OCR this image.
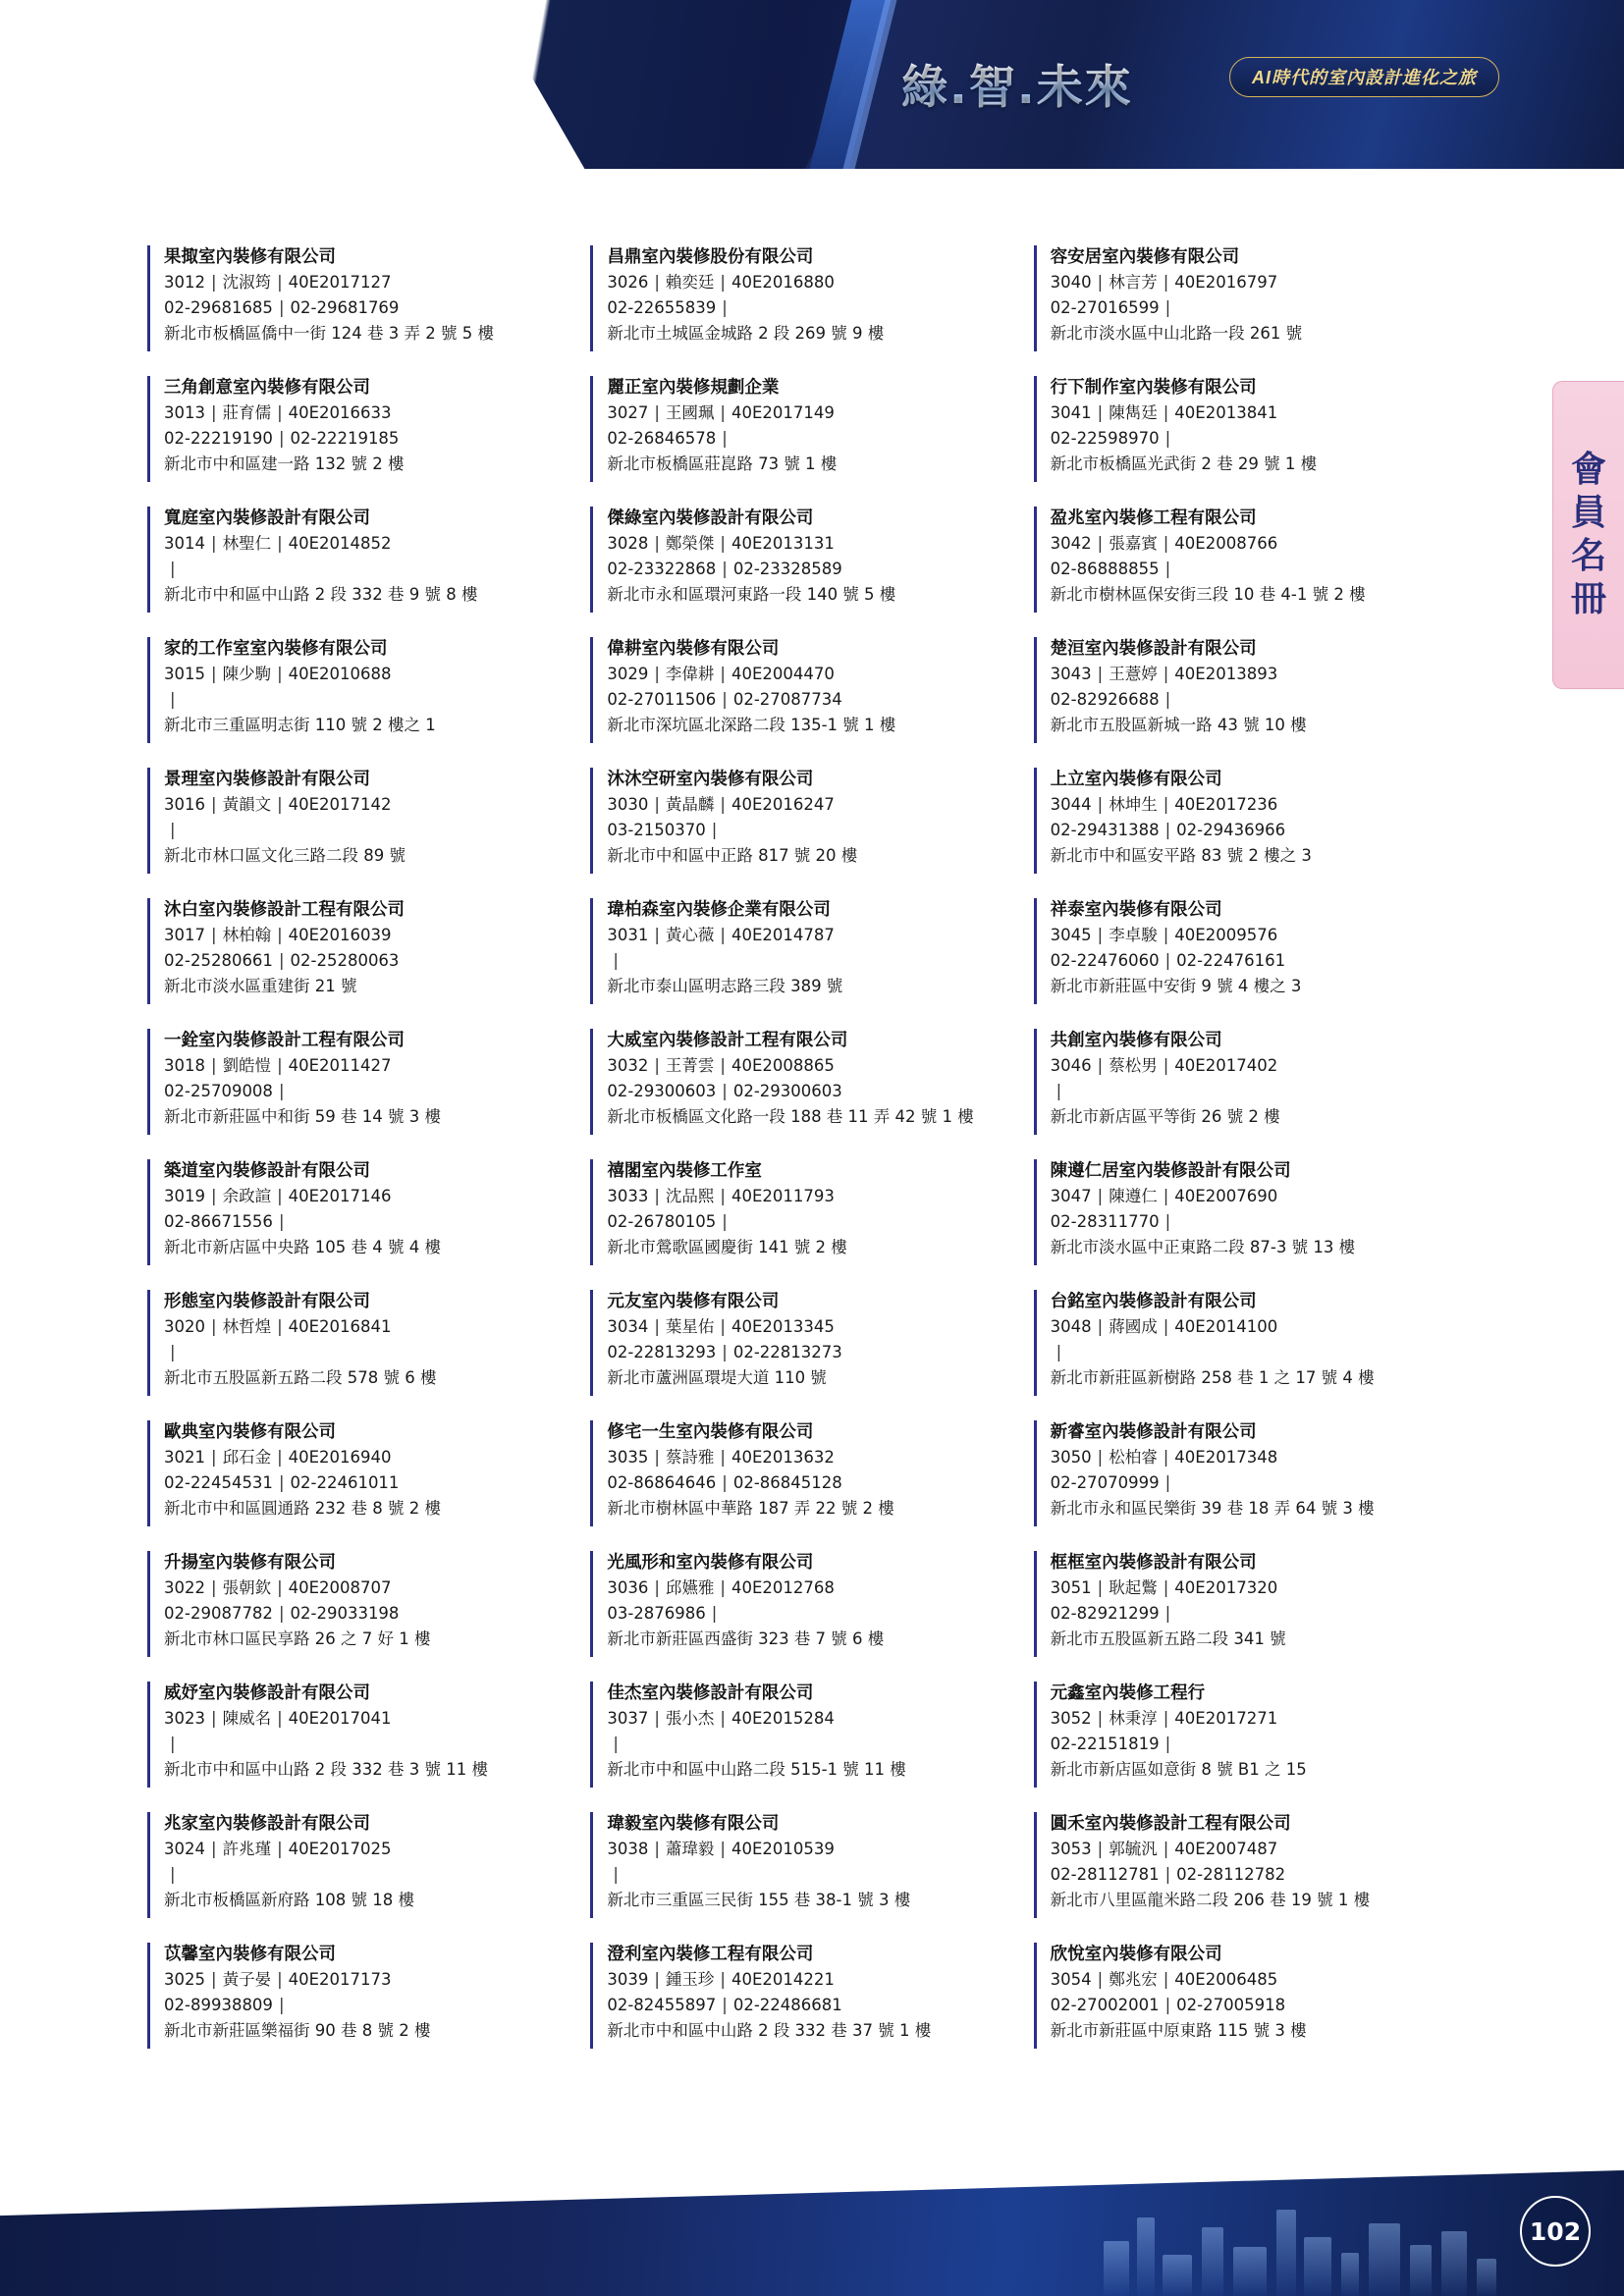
綠.智.未來	AI時代的室內設計進化之旅
會
員
名
冊
果掫室內裝修有限公司
3012 | 沈淑筠 | 40E2017127
02-29681685 | 02-29681769
新北市板橋區僑中一街 124 巷 3 弄 2 號 5 樓
三角創意室內裝修有限公司
3013 | 莊育儒 | 40E2016633
02-22219190 | 02-22219185
新北市中和區建一路 132 號 2 樓
寬庭室內裝修設計有限公司
3014 | 林聖仁 | 40E2014852
|
新北市中和區中山路 2 段 332 巷 9 號 8 樓
家的工作室室內裝修有限公司
3015 | 陳少駒 | 40E2010688
|
新北市三重區明志街 110 號 2 樓之 1
景理室內裝修設計有限公司
3016 | 黃韻文 | 40E2017142
|
新北市林口區文化三路二段 89 號
沐白室內裝修設計工程有限公司
3017 | 林柏翰 | 40E2016039
02-25280661 | 02-25280063
新北市淡水區重建街 21 號
一銓室內裝修設計工程有限公司
3018 | 劉皓愷 | 40E2011427
02-25709008 |
新北市新莊區中和街 59 巷 14 號 3 樓
築道室內裝修設計有限公司
3019 | 余政諠 | 40E2017146
02-86671556 |
新北市新店區中央路 105 巷 4 號 4 樓
形態室內裝修設計有限公司
3020 | 林哲煌 | 40E2016841
|
新北市五股區新五路二段 578 號 6 樓
歐典室內裝修有限公司
3021 | 邱石金 | 40E2016940
02-22454531 | 02-22461011
新北市中和區圓通路 232 巷 8 號 2 樓
升揚室內裝修有限公司
3022 | 張朝欽 | 40E2008707
02-29087782 | 02-29033198
新北市林口區民享路 26 之 7 好 1 樓
威妤室內裝修設計有限公司
3023 | 陳威名 | 40E2017041
|
新北市中和區中山路 2 段 332 巷 3 號 11 樓
兆家室內裝修設計有限公司
3024 | 許兆瑾 | 40E2017025
|
新北市板橋區新府路 108 號 18 樓
苡馨室內裝修有限公司
3025 | 黃子晏 | 40E2017173
02-89938809 |
新北市新莊區樂福街 90 巷 8 號 2 樓
昌鼎室內裝修股份有限公司
3026 | 賴奕廷 | 40E2016880
02-22655839 |
新北市土城區金城路 2 段 269 號 9 樓
麗正室內裝修規劃企業
3027 | 王國珮 | 40E2017149
02-26846578 |
新北市板橋區莊崑路 73 號 1 樓
傑綠室內裝修設計有限公司
3028 | 鄭榮傑 | 40E2013131
02-23322868 | 02-23328589
新北市永和區環河東路一段 140 號 5 樓
偉耕室內裝修有限公司
3029 | 李偉耕 | 40E2004470
02-27011506 | 02-27087734
新北市深坑區北深路二段 135-1 號 1 樓
沐沐空研室內裝修有限公司
3030 | 黃晶麟 | 40E2016247
03-2150370 |
新北市中和區中正路 817 號 20 樓
瑋柏森室內裝修企業有限公司
3031 | 黃心薇 | 40E2014787
|
新北市泰山區明志路三段 389 號
大威室內裝修設計工程有限公司
3032 | 王菁雲 | 40E2008865
02-29300603 | 02-29300603
新北市板橋區文化路一段 188 巷 11 弄 42 號 1 樓
禧閣室內裝修工作室
3033 | 沈品熙 | 40E2011793
02-26780105 |
新北市鶯歌區國慶街 141 號 2 樓
元友室內裝修有限公司
3034 | 葉星佑 | 40E2013345
02-22813293 | 02-22813273
新北市蘆洲區環堤大道 110 號
修宅一生室內裝修有限公司
3035 | 蔡詩雅 | 40E2013632
02-86864646 | 02-86845128
新北市樹林區中華路 187 弄 22 號 2 樓
光風形和室內裝修有限公司
3036 | 邱嬿雅 | 40E2012768
03-2876986 |
新北市新莊區西盛街 323 巷 7 號 6 樓
佳杰室內裝修設計有限公司
3037 | 張小杰 | 40E2015284
|
新北市中和區中山路二段 515-1 號 11 樓
瑋毅室內裝修有限公司
3038 | 蕭瑋毅 | 40E2010539
|
新北市三重區三民街 155 巷 38-1 號 3 樓
澄利室內裝修工程有限公司
3039 | 鍾玉珍 | 40E2014221
02-82455897 | 02-22486681
新北市中和區中山路 2 段 332 巷 37 號 1 樓
容安居室內裝修有限公司
3040 | 林言芳 | 40E2016797
02-27016599 |
新北市淡水區中山北路一段 261 號
行下制作室內裝修有限公司
3041 | 陳雋廷 | 40E2013841
02-22598970 |
新北市板橋區光武街 2 巷 29 號 1 樓
盈兆室內裝修工程有限公司
3042 | 張嘉賓 | 40E2008766
02-86888855 |
新北市樹林區保安街三段 10 巷 4-1 號 2 樓
楚洹室內裝修設計有限公司
3043 | 王薏婷 | 40E2013893
02-82926688 |
新北市五股區新城一路 43 號 10 樓
上立室內裝修有限公司
3044 | 林坤生 | 40E2017236
02-29431388 | 02-29436966
新北市中和區安平路 83 號 2 樓之 3
祥泰室內裝修有限公司
3045 | 李卓駿 | 40E2009576
02-22476060 | 02-22476161
新北市新莊區中安街 9 號 4 樓之 3
共創室內裝修有限公司
3046 | 蔡松男 | 40E2017402
|
新北市新店區平等街 26 號 2 樓
陳遵仁居室內裝修設計有限公司
3047 | 陳遵仁 | 40E2007690
02-28311770 |
新北市淡水區中正東路二段 87-3 號 13 樓
台銘室內裝修設計有限公司
3048 | 蔣國成 | 40E2014100
|
新北市新莊區新樹路 258 巷 1 之 17 號 4 樓
新睿室內裝修設計有限公司
3050 | 松柏睿 | 40E2017348
02-27070999 |
新北市永和區民樂街 39 巷 18 弄 64 號 3 樓
框框室內裝修設計有限公司
3051 | 耿起鷩 | 40E2017320
02-82921299 |
新北市五股區新五路二段 341 號
元鑫室內裝修工程行
3052 | 林秉淳 | 40E2017271
02-22151819 |
新北市新店區如意街 8 號 B1 之 15
圓禾室內裝修設計工程有限公司
3053 | 郭毓汎 | 40E2007487
02-28112781 | 02-28112782
新北市八里區龍米路二段 206 巷 19 號 1 樓
欣悅室內裝修有限公司
3054 | 鄭兆宏 | 40E2006485
02-27002001 | 02-27005918
新北市新莊區中原東路 115 號 3 樓
102
